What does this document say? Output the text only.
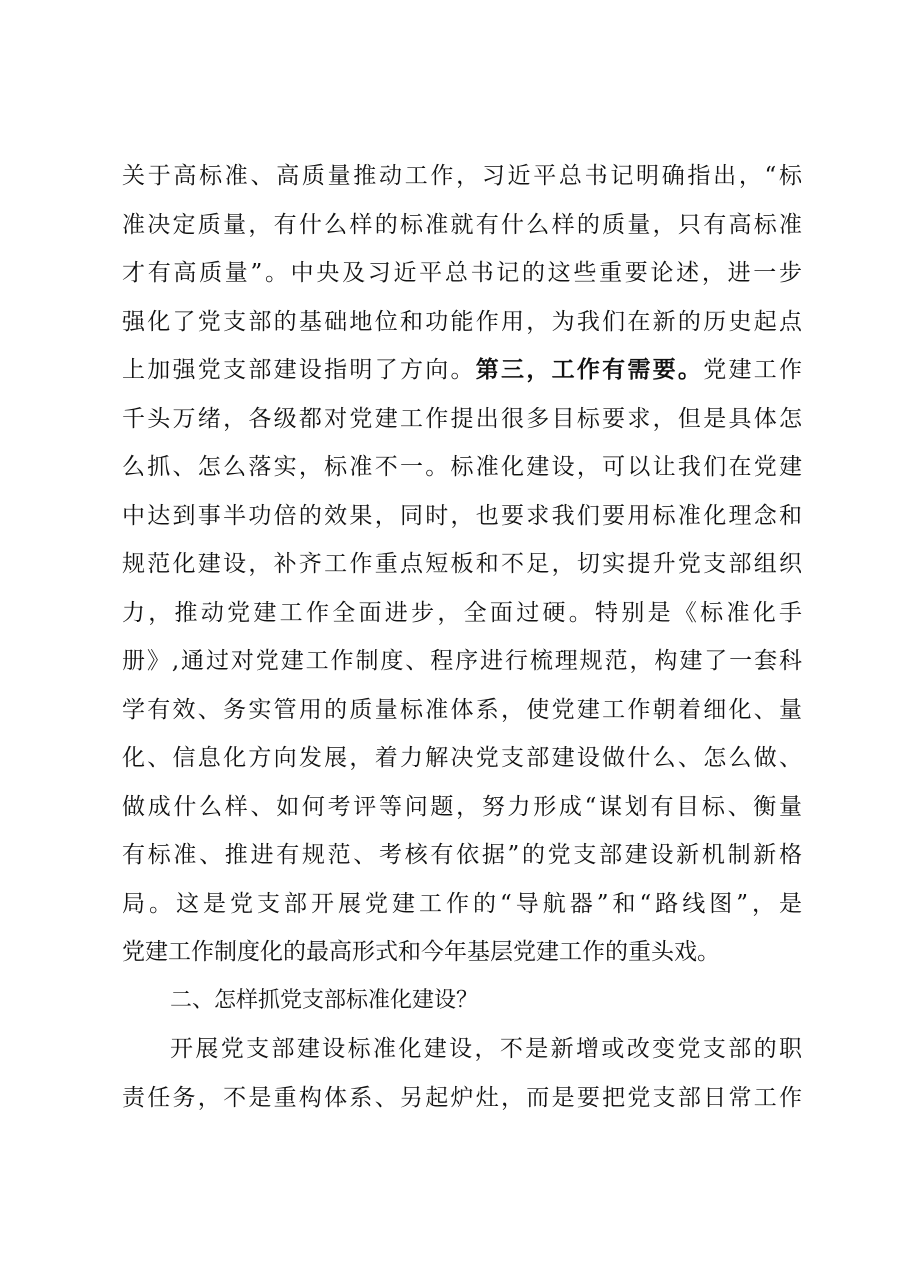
关于高标准、高质量推动工作，习近平总书记明确指出，“标
准决定质量，有什么样的标准就有什么样的质量，只有高标准
才有高质量”。中央及习近平总书记的这些重要论述，进一步
强化了党支部的基础地位和功能作用，为我们在新的历史起点
上加强党支部建设指明了方向。第三，工作有需要。党建工作
千头万绪，各级都对党建工作提出很多目标要求，但是具体怎
么抓、怎么落实，标准不一。标准化建设，可以让我们在党建
中达到事半功倍的效果，同时，也要求我们要用标准化理念和
规范化建设，补齐工作重点短板和不足，切实提升党支部组织
力，推动党建工作全面进步，全面过硬。特别是《标准化手
册》,通过对党建工作制度、程序进行梳理规范，构建了一套科
学有效、务实管用的质量标准体系，使党建工作朝着细化、量
化、信息化方向发展，着力解决党支部建设做什么、怎么做、
做成什么样、如何考评等问题，努力形成“谋划有目标、衡量
有标准、推进有规范、考核有依据”的党支部建设新机制新格
局。这是党支部开展党建工作的“导航器”和“路线图”，是
党建工作制度化的最高形式和今年基层党建工作的重头戏。
二、怎样抓党支部标准化建设？
开展党支部建设标准化建设，不是新增或改变党支部的职
责任务，不是重构体系、另起炉灶，而是要把党支部日常工作
